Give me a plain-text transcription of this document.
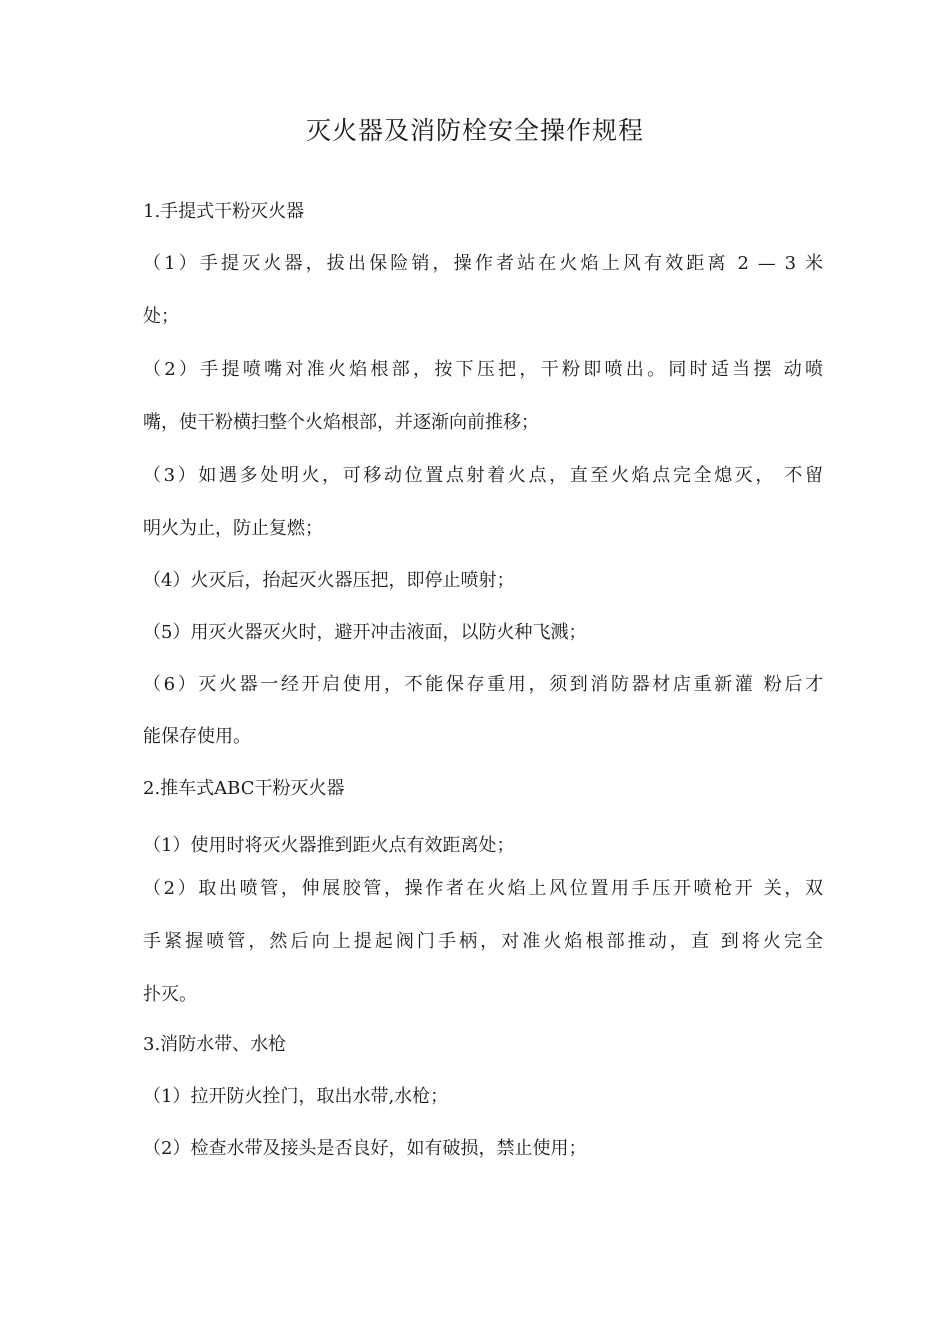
灭火器及消防栓安全操作规程

1.手提式干粉灭火器

（1）手提灭火器，拔出保险销，操作者站在火焰上风有效距离 2 — 3 米

处；

（2）手提喷嘴对准火焰根部，按下压把，干粉即喷出。同时适当摆 动喷

嘴，使干粉横扫整个火焰根部，并逐渐向前推移；

（3）如遇多处明火，可移动位置点射着火点，直至火焰点完全熄灭， 不留

明火为止，防止复燃；

（4）火灭后，抬起灭火器压把，即停止喷射；

（5）用灭火器灭火时，避开冲击液面，以防火种飞溅；

（6）灭火器一经开启使用，不能保存重用，须到消防器材店重新灌 粉后才

能保存使用。

2.推车式ABC干粉灭火器

（1）使用时将灭火器推到距火点有效距离处；

（2）取出喷管，伸展胶管，操作者在火焰上风位置用手压开喷枪开 关，双

手紧握喷管，然后向上提起阀门手柄，对准火焰根部推动，直 到将火完全

扑灭。

3.消防水带、水枪

（1）拉开防火拴门，取出水带,水枪；

（2）检查水带及接头是否良好，如有破损，禁止使用；
